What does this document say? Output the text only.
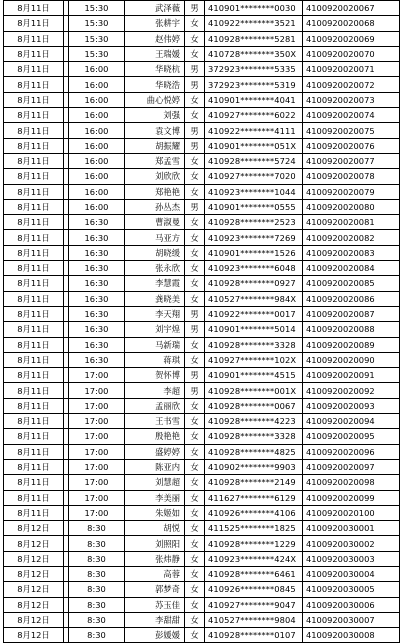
8月11日		15:30	武泽薇	男	410901********0030	4100920020067
8月11日		15:30	张耕宇	女	410922********3521	4100920020068
8月11日		15:30	赵伟婷	女	410928********5281	4100920020069
8月11日		15:30	王瑞媛	女	410728********350X	4100920020070
8月11日		16:00	华晓杭	男	372923********5335	4100920020071
8月11日		16:00	华晓浩	男	372923********5319	4100920020072
8月11日		16:00	曲心悦婷	女	410901********4041	4100920020073
8月11日		16:00	刘强	女	410927********6022	4100920020074
8月11日		16:00	袁文博	男	410922********4111	4100920020075
8月11日		16:00	胡振耀	男	410901********051X	4100920020076
8月11日		16:00	郑孟雪	女	410928********5724	4100920020077
8月11日		16:00	刘欣欣	女	410927********7020	4100920020078
8月11日		16:00	郑艳艳	女	410923********1044	4100920020079
8月11日		16:00	孙丛杰	男	410901********0555	4100920020080
8月11日		16:30	曹淑曼	女	410928********2523	4100920020081
8月11日		16:30	马亚方	女	410923********7269	4100920020082
8月11日		16:30	胡晓缓	女	410901********1526	4100920020083
8月11日		16:30	张永欣	女	410923********6048	4100920020084
8月11日		16:30	李慧霞	女	410928********0927	4100920020085
8月11日		16:30	龚晓美	女	410527********984X	4100920020086
8月11日		16:30	李天翔	男	410922********0017	4100920020087
8月11日		16:30	刘宇煌	男	410901********5014	4100920020088
8月11日		16:30	马新瑞	女	410928********3328	4100920020089
8月11日		16:30	蒋琪	女	410927********102X	4100920020090
8月11日		17:00	贺怀博	男	410901********4515	4100920020091
8月11日		17:00	李超	男	410928********001X	4100920020092
8月11日		17:00	孟丽欣	女	410928********0067	4100920020093
8月11日		17:00	王书雪	女	410928********4223	4100920020094
8月11日		17:00	殷艳艳	女	410928********3328	4100920020095
8月11日		17:00	盛婷婷	女	410928********4825	4100920020096
8月11日		17:00	陈亚内	女	410902********9903	4100920020097
8月11日		17:00	刘慧超	女	410928********2149	4100920020098
8月11日		17:00	李美丽	女	411627********6129	4100920020099
8月11日		17:00	朱姬如	女	410926********4106	4100920020100
8月12日		8:30	胡悦	女	411525********1825	4100920030001
8月12日		8:30	刘照阳	女	410928********1229	4100920030002
8月12日		8:30	张炜静	女	410923********424X	4100920030003
8月12日		8:30	高蓉	女	410928********6461	4100920030004
8月12日		8:30	郭梦奇	女	410926********0845	4100920030005
8月12日		8:30	苏玉佳	女	410927********9047	4100920030006
8月12日		8:30	李甜甜	女	410527********9804	4100920030007
8月12日		8:30	彭媛媛	女	410928********0107	4100920030008
